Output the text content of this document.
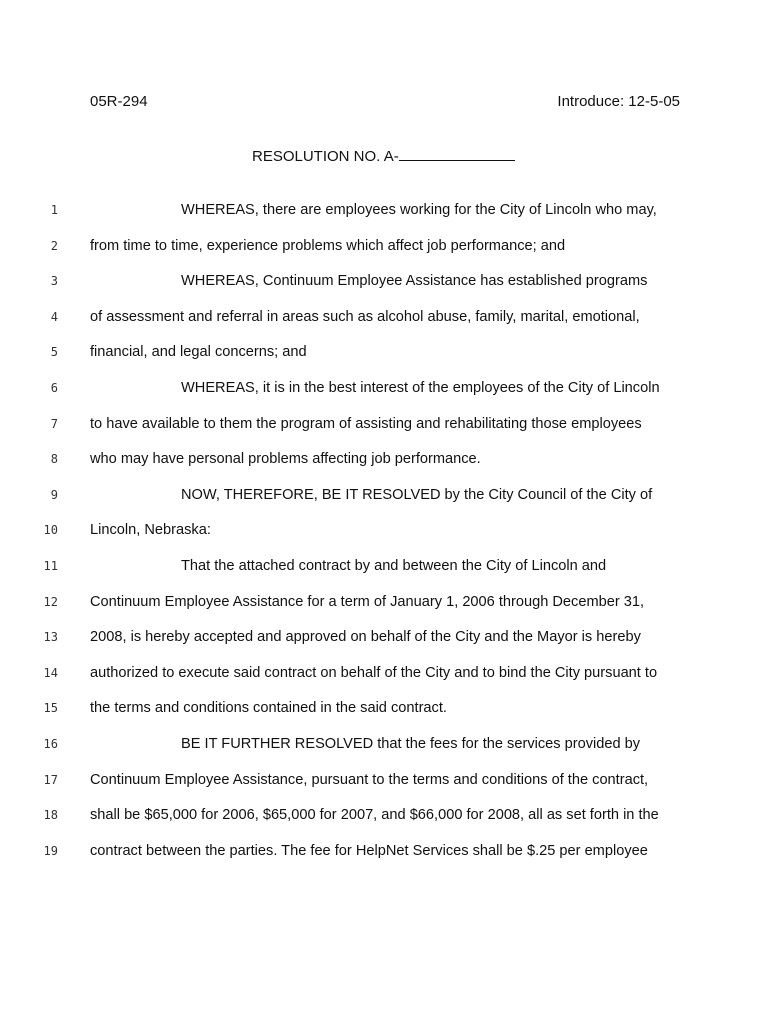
05R-294	Introduce: 12-5-05
RESOLUTION NO. A-
1	WHEREAS, there are employees working for the City of Lincoln who may,
2 from time to time, experience problems which affect job performance; and
3	WHEREAS, Continuum Employee Assistance has established programs
4 of assessment and referral in areas such as alcohol abuse, family, marital, emotional,
5 financial, and legal concerns; and
6	WHEREAS, it is in the best interest of the employees of the City of Lincoln
7 to have available to them the program of assisting and rehabilitating those employees
8 who may have personal problems affecting job performance.
9	NOW, THEREFORE, BE IT RESOLVED by the City Council of the City of
10 Lincoln, Nebraska:
11	That the attached contract by and between the City of Lincoln and
12 Continuum Employee Assistance for a term of January 1, 2006 through December 31,
13 2008, is hereby accepted and approved on behalf of the City and the Mayor is hereby
14 authorized to execute said contract on behalf of the City and to bind the City pursuant to
15 the terms and conditions contained in the said contract.
16	BE IT FURTHER RESOLVED that the fees for the services provided by
17 Continuum Employee Assistance, pursuant to the terms and conditions of the contract,
18 shall be $65,000 for 2006, $65,000 for 2007, and $66,000 for 2008, all as set forth in the
19 contract between the parties. The fee for HelpNet Services shall be $.25 per employee
